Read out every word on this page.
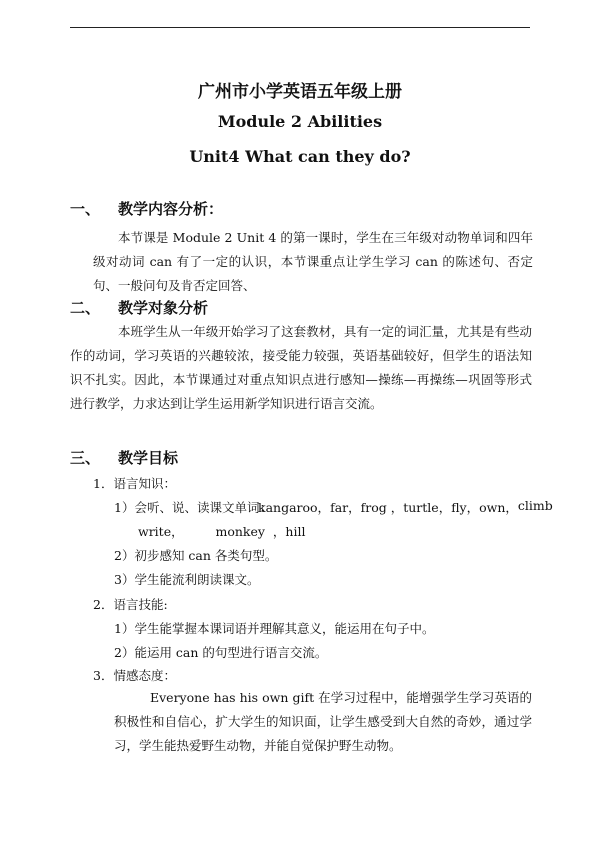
广州市小学英语五年级上册
Module 2 Abilities
Unit4 What can they do?
一、 教学内容分析：
本节课是 Module 2 Unit 4 的第一课时，学生在三年级对动物单词和四年级对动词 can 有了一定的认识，本节课重点让学生学习 can 的陈述句、否定句、一般问句及肯否定回答、
二、 教学对象分析
本班学生从一年级开始学习了这套教材，具有一定的词汇量，尤其是有些动作的动词，学习英语的兴趣较浓，接受能力较强，英语基础较好，但学生的语法知识不扎实。因此，本节课通过对重点知识点进行感知—操练—再操练—巩固等形式进行教学，力求达到让学生运用新学知识进行语言交流。
三、 教学目标
1．语言知识：
1）会听、说、读课文单词：
kangaroo， far， frog ，turtle， fly， own， climb
write，	monkey ，hill
2）初步感知 can 各类句型。
3）学生能流利朗读课文。
2．语言技能:
1）学生能掌握本课词语并理解其意义，能运用在句子中。
2）能运用 can 的句型进行语言交流。
3．情感态度：
Everyone has his own gift 在学习过程中，能增强学生学习英语的积极性和自信心，扩大学生的知识面，让学生感受到大自然的奇妙，通过学习，学生能热爱野生动物，并能自觉保护野生动物。
